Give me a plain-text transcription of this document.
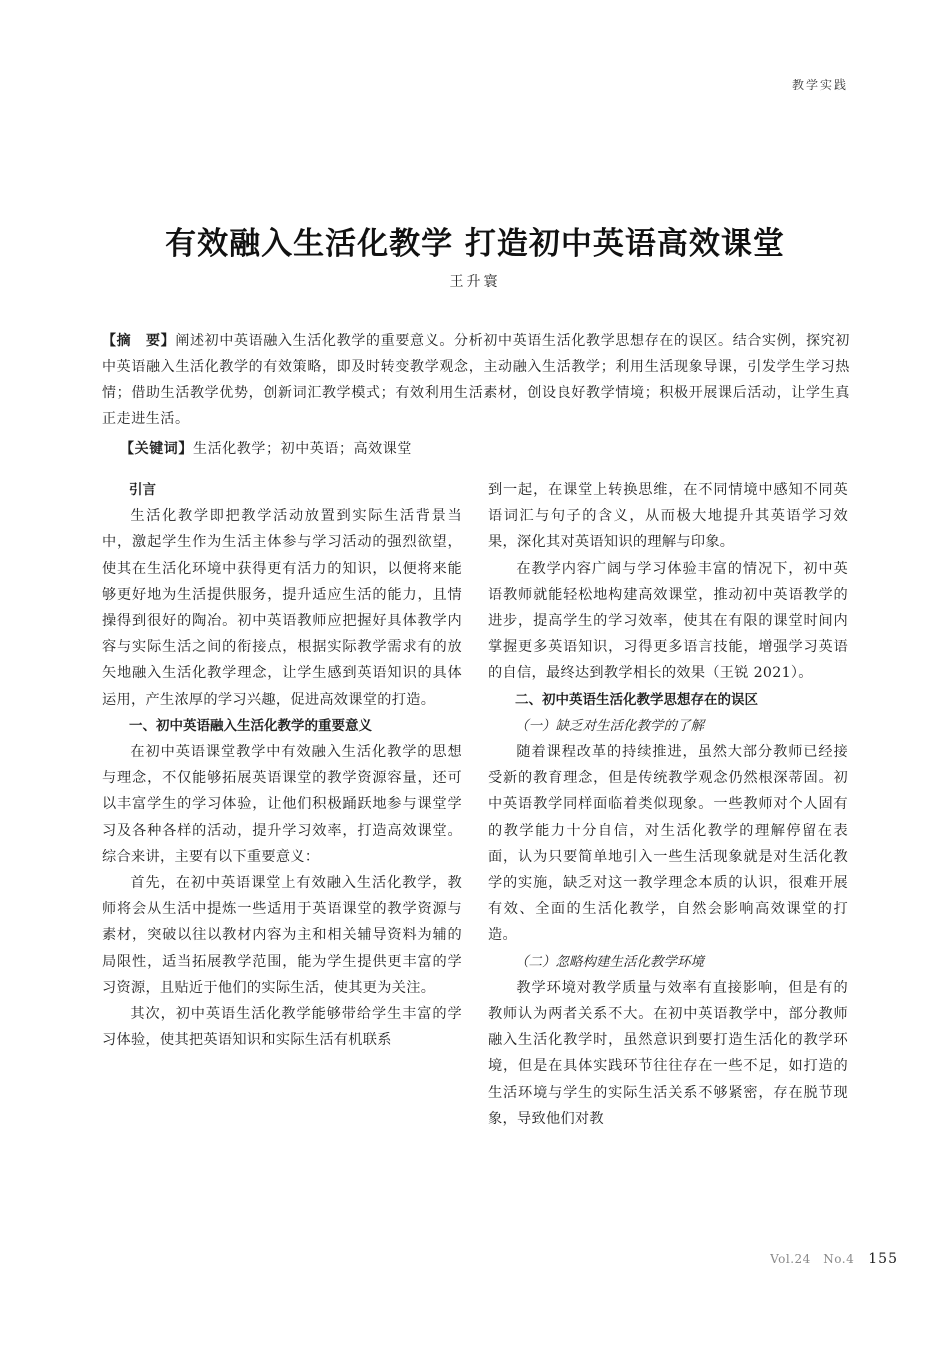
教学实践
有效融入生活化教学 打造初中英语高效课堂
王升寰

【摘　要】阐述初中英语融入生活化教学的重要意义。分析初中英语生活化教学思想存在的误区。结合实例，探究初中英语融入生活化教学的有效策略，即及时转变教学观念，主动融入生活教学；利用生活现象导课，引发学生学习热情；借助生活教学优势，创新词汇教学模式；有效利用生活素材，创设良好教学情境；积极开展课后活动，让学生真正走进生活。

【关键词】生活化教学；初中英语；高效课堂

引言

生活化教学即把教学活动放置到实际生活背景当中，激起学生作为生活主体参与学习活动的强烈欲望，使其在生活化环境中获得更有活力的知识，以便将来能够更好地为生活提供服务，提升适应生活的能力，且情操得到很好的陶冶。初中英语教师应把握好具体教学内容与实际生活之间的衔接点，根据实际教学需求有的放矢地融入生活化教学理念，让学生感到英语知识的具体运用，产生浓厚的学习兴趣，促进高效课堂的打造。

一、初中英语融入生活化教学的重要意义

在初中英语课堂教学中有效融入生活化教学的思想与理念，不仅能够拓展英语课堂的教学资源容量，还可以丰富学生的学习体验，让他们积极踊跃地参与课堂学习及各种各样的活动，提升学习效率，打造高效课堂。综合来讲，主要有以下重要意义：

首先，在初中英语课堂上有效融入生活化教学，教师将会从生活中提炼一些适用于英语课堂的教学资源与素材，突破以往以教材内容为主和相关辅导资料为辅的局限性，适当拓展教学范围，能为学生提供更丰富的学习资源，且贴近于他们的实际生活，使其更为关注。

其次，初中英语生活化教学能够带给学生丰富的学习体验，使其把英语知识和实际生活有机联系

到一起，在课堂上转换思维，在不同情境中感知不同英语词汇与句子的含义，从而极大地提升其英语学习效果，深化其对英语知识的理解与印象。

在教学内容广阔与学习体验丰富的情况下，初中英语教师就能轻松地构建高效课堂，推动初中英语教学的进步，提高学生的学习效率，使其在有限的课堂时间内掌握更多英语知识，习得更多语言技能，增强学习英语的自信，最终达到教学相长的效果（王锐 2021）。

二、初中英语生活化教学思想存在的误区
（一）缺乏对生活化教学的了解

随着课程改革的持续推进，虽然大部分教师已经接受新的教育理念，但是传统教学观念仍然根深蒂固。初中英语教学同样面临着类似现象。一些教师对个人固有的教学能力十分自信，对生活化教学的理解停留在表面，认为只要简单地引入一些生活现象就是对生活化教学的实施，缺乏对这一教学理念本质的认识，很难开展有效、全面的生活化教学，自然会影响高效课堂的打造。

（二）忽略构建生活化教学环境

教学环境对教学质量与效率有直接影响，但是有的教师认为两者关系不大。在初中英语教学中，部分教师融入生活化教学时，虽然意识到要打造生活化的教学环境，但是在具体实践环节往往存在一些不足，如打造的生活环境与学生的实际生活关系不够紧密，存在脱节现象，导致他们对教

Vol.24　No.4 155
